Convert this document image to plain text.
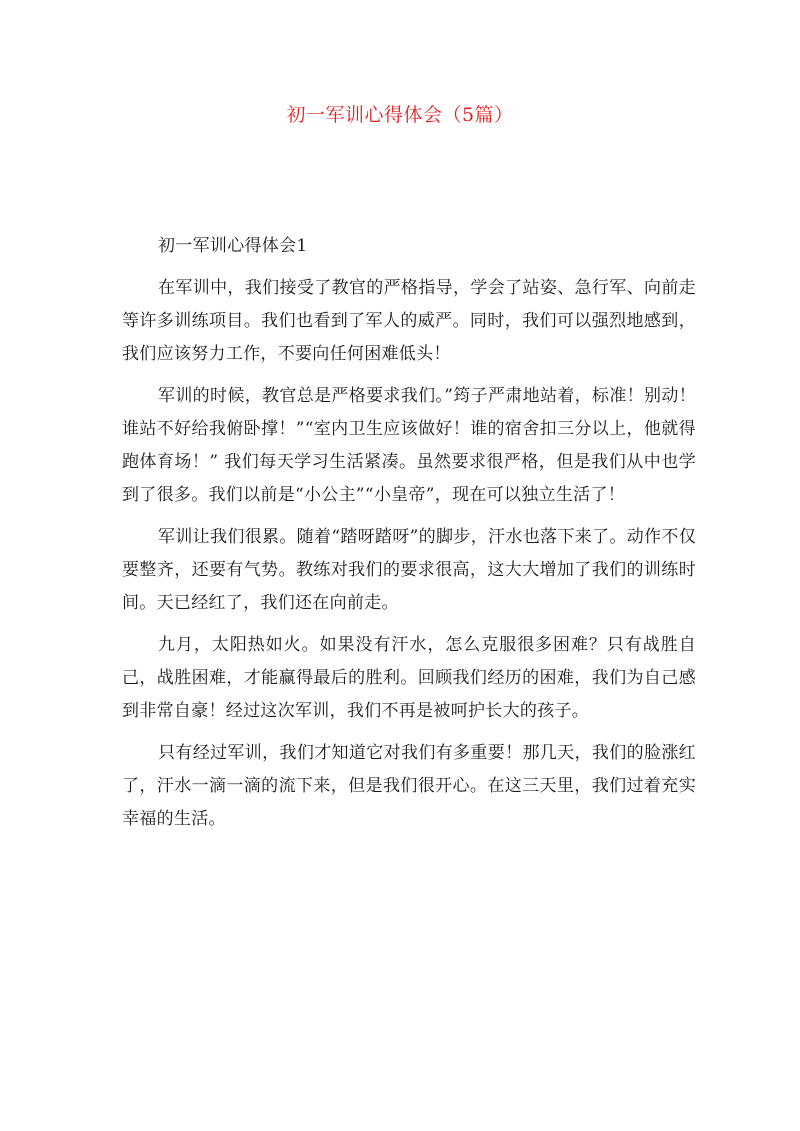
初一军训心得体会（5篇）

初一军训心得体会1

在军训中，我们接受了教官的严格指导，学会了站姿、急行军、向前走等许多训练项目。我们也看到了军人的威严。同时，我们可以强烈地感到，我们应该努力工作，不要向任何困难低头！

军训的时候，教官总是严格要求我们。”筠子严肃地站着，标准！别动！谁站不好给我俯卧撑！”“室内卫生应该做好！谁的宿舍扣三分以上，他就得跑体育场！” 我们每天学习生活紧凑。虽然要求很严格，但是我们从中也学到了很多。我们以前是“小公主”“小皇帝”，现在可以独立生活了！

军训让我们很累。随着“踏呀踏呀”的脚步，汗水也落下来了。动作不仅要整齐，还要有气势。教练对我们的要求很高，这大大增加了我们的训练时间。天已经红了，我们还在向前走。

九月，太阳热如火。如果没有汗水，怎么克服很多困难？只有战胜自己，战胜困难，才能赢得最后的胜利。回顾我们经历的困难，我们为自己感到非常自豪！经过这次军训，我们不再是被呵护长大的孩子。

只有经过军训，我们才知道它对我们有多重要！那几天，我们的脸涨红了，汗水一滴一滴的流下来，但是我们很开心。在这三天里，我们过着充实幸福的生活。
